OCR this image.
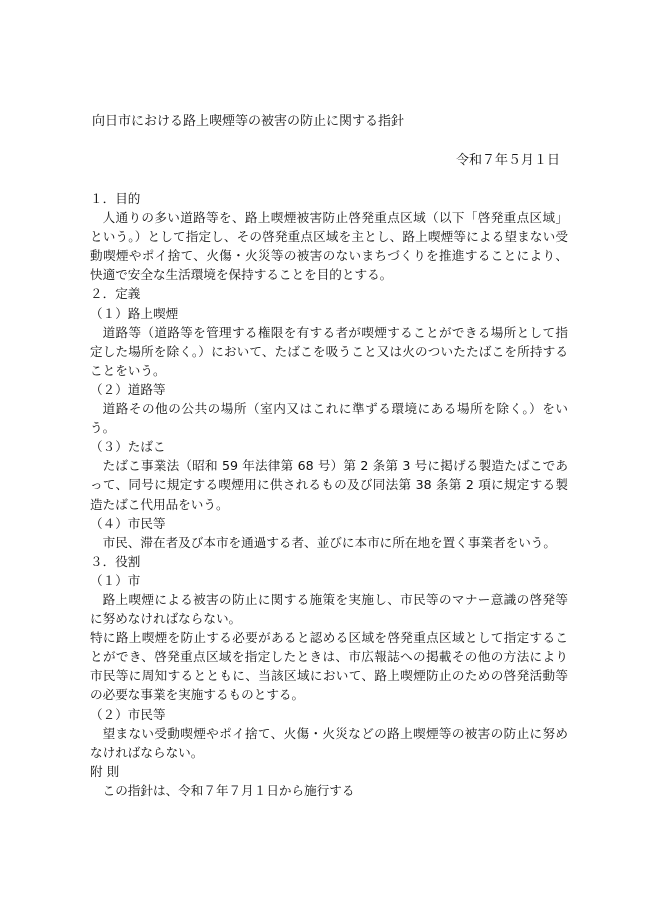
向日市における路上喫煙等の被害の防止に関する指針
令和７年５月１日

１．目的

人通りの多い道路等を、路上喫煙被害防止啓発重点区域（以下「啓発重点区域」という。）として指定し、その啓発重点区域を主とし、路上喫煙等による望まない受動喫煙やポイ捨て、火傷・火災等の被害のないまちづくりを推進することにより、快適で安全な生活環境を保持することを目的とする。

２．定義

（１）路上喫煙

道路等（道路等を管理する権限を有する者が喫煙することができる場所として指定した場所を除く。）において、たばこを吸うこと又は火のついたたばこを所持することをいう。

（２）道路等

道路その他の公共の場所（室内又はこれに準ずる環境にある場所を除く。）をいう。

（３）たばこ

たばこ事業法（昭和 59 年法律第 68 号）第 2 条第 3 号に掲げる製造たばこであって、同号に規定する喫煙用に供されるもの及び同法第 38 条第 2 項に規定する製造たばこ代用品をいう。

（４）市民等

市民、滞在者及び本市を通過する者、並びに本市に所在地を置く事業者をいう。

３．役割

（１）市

路上喫煙による被害の防止に関する施策を実施し、市民等のマナー意識の啓発等に努めなければならない。

特に路上喫煙を防止する必要があると認める区域を啓発重点区域として指定することができ、啓発重点区域を指定したときは、市広報誌への掲載その他の方法により市民等に周知するとともに、当該区域において、路上喫煙防止のための啓発活動等の必要な事業を実施するものとする。

（２）市民等

望まない受動喫煙やポイ捨て、火傷・火災などの路上喫煙等の被害の防止に努めなければならない。

附 則

この指針は、令和７年７月１日から施行する
